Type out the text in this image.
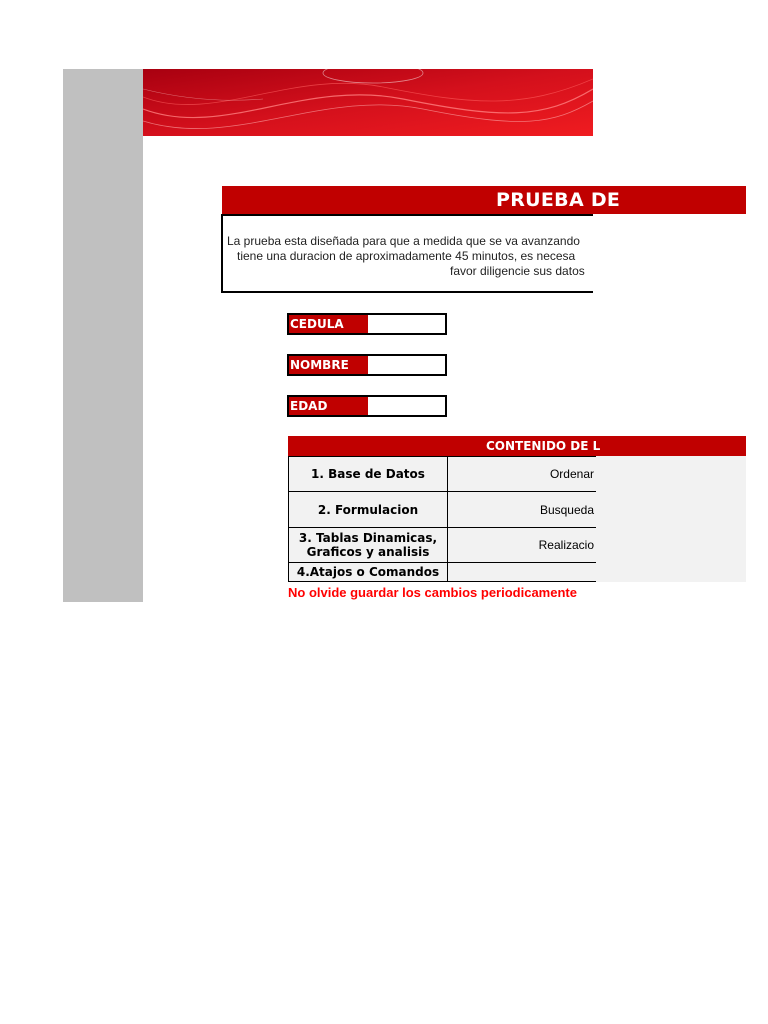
PRUEBA DE
La prueba esta diseñada para que a medida que se va avanzando
tiene una duracion de aproximadamente 45 minutos, es necesa
favor diligencie sus datos
CEDULA
NOMBRE
EDAD
CONTENIDO DE L
1. Base de Datos	Ordenar
2. Formulacion	Busqueda

3. Tablas Dinamicas,
Graficos y analisis	Realizacio
4.Atajos o Comandos	
No olvide guardar los cambios periodicamente
